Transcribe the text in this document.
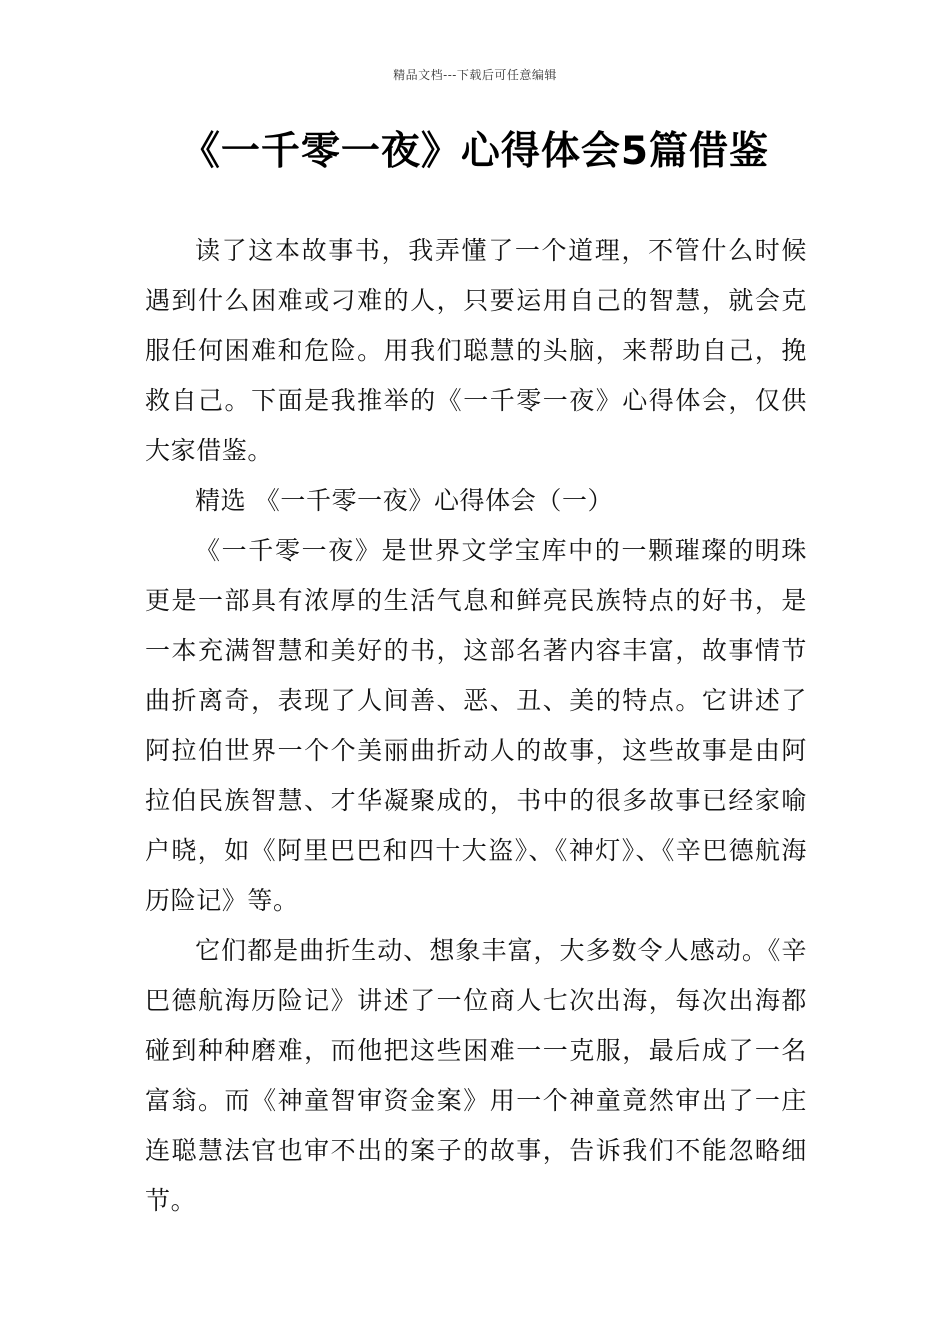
精品文档---下载后可任意编辑
《一千零一夜》心得体会5篇借鉴

读了这本故事书，我弄懂了一个道理，不管什么时候遇到什么困难或刁难的人，只要运用自己的智慧，就会克服任何困难和危险。用我们聪慧的头脑，来帮助自己，挽救自己。下面是我推举的《一千零一夜》心得体会，仅供大家借鉴。

精选 《一千零一夜》心得体会（一）

《一千零一夜》是世界文学宝库中的一颗璀璨的明珠更是一部具有浓厚的生活气息和鲜亮民族特点的好书，是一本充满智慧和美好的书，这部名著内容丰富，故事情节曲折离奇，表现了人间善、恶、丑、美的特点。它讲述了阿拉伯世界一个个美丽曲折动人的故事，这些故事是由阿拉伯民族智慧、才华凝聚成的，书中的很多故事已经家喻户晓，如《阿里巴巴和四十大盗》、《神灯》、《辛巴德航海历险记》等。

它们都是曲折生动、想象丰富，大多数令人感动。《辛巴德航海历险记》讲述了一位商人七次出海，每次出海都碰到种种磨难，而他把这些困难一一克服，最后成了一名富翁。而《神童智审资金案》用一个神童竟然审出了一庄连聪慧法官也审不出的案子的故事，告诉我们不能忽略细节。
